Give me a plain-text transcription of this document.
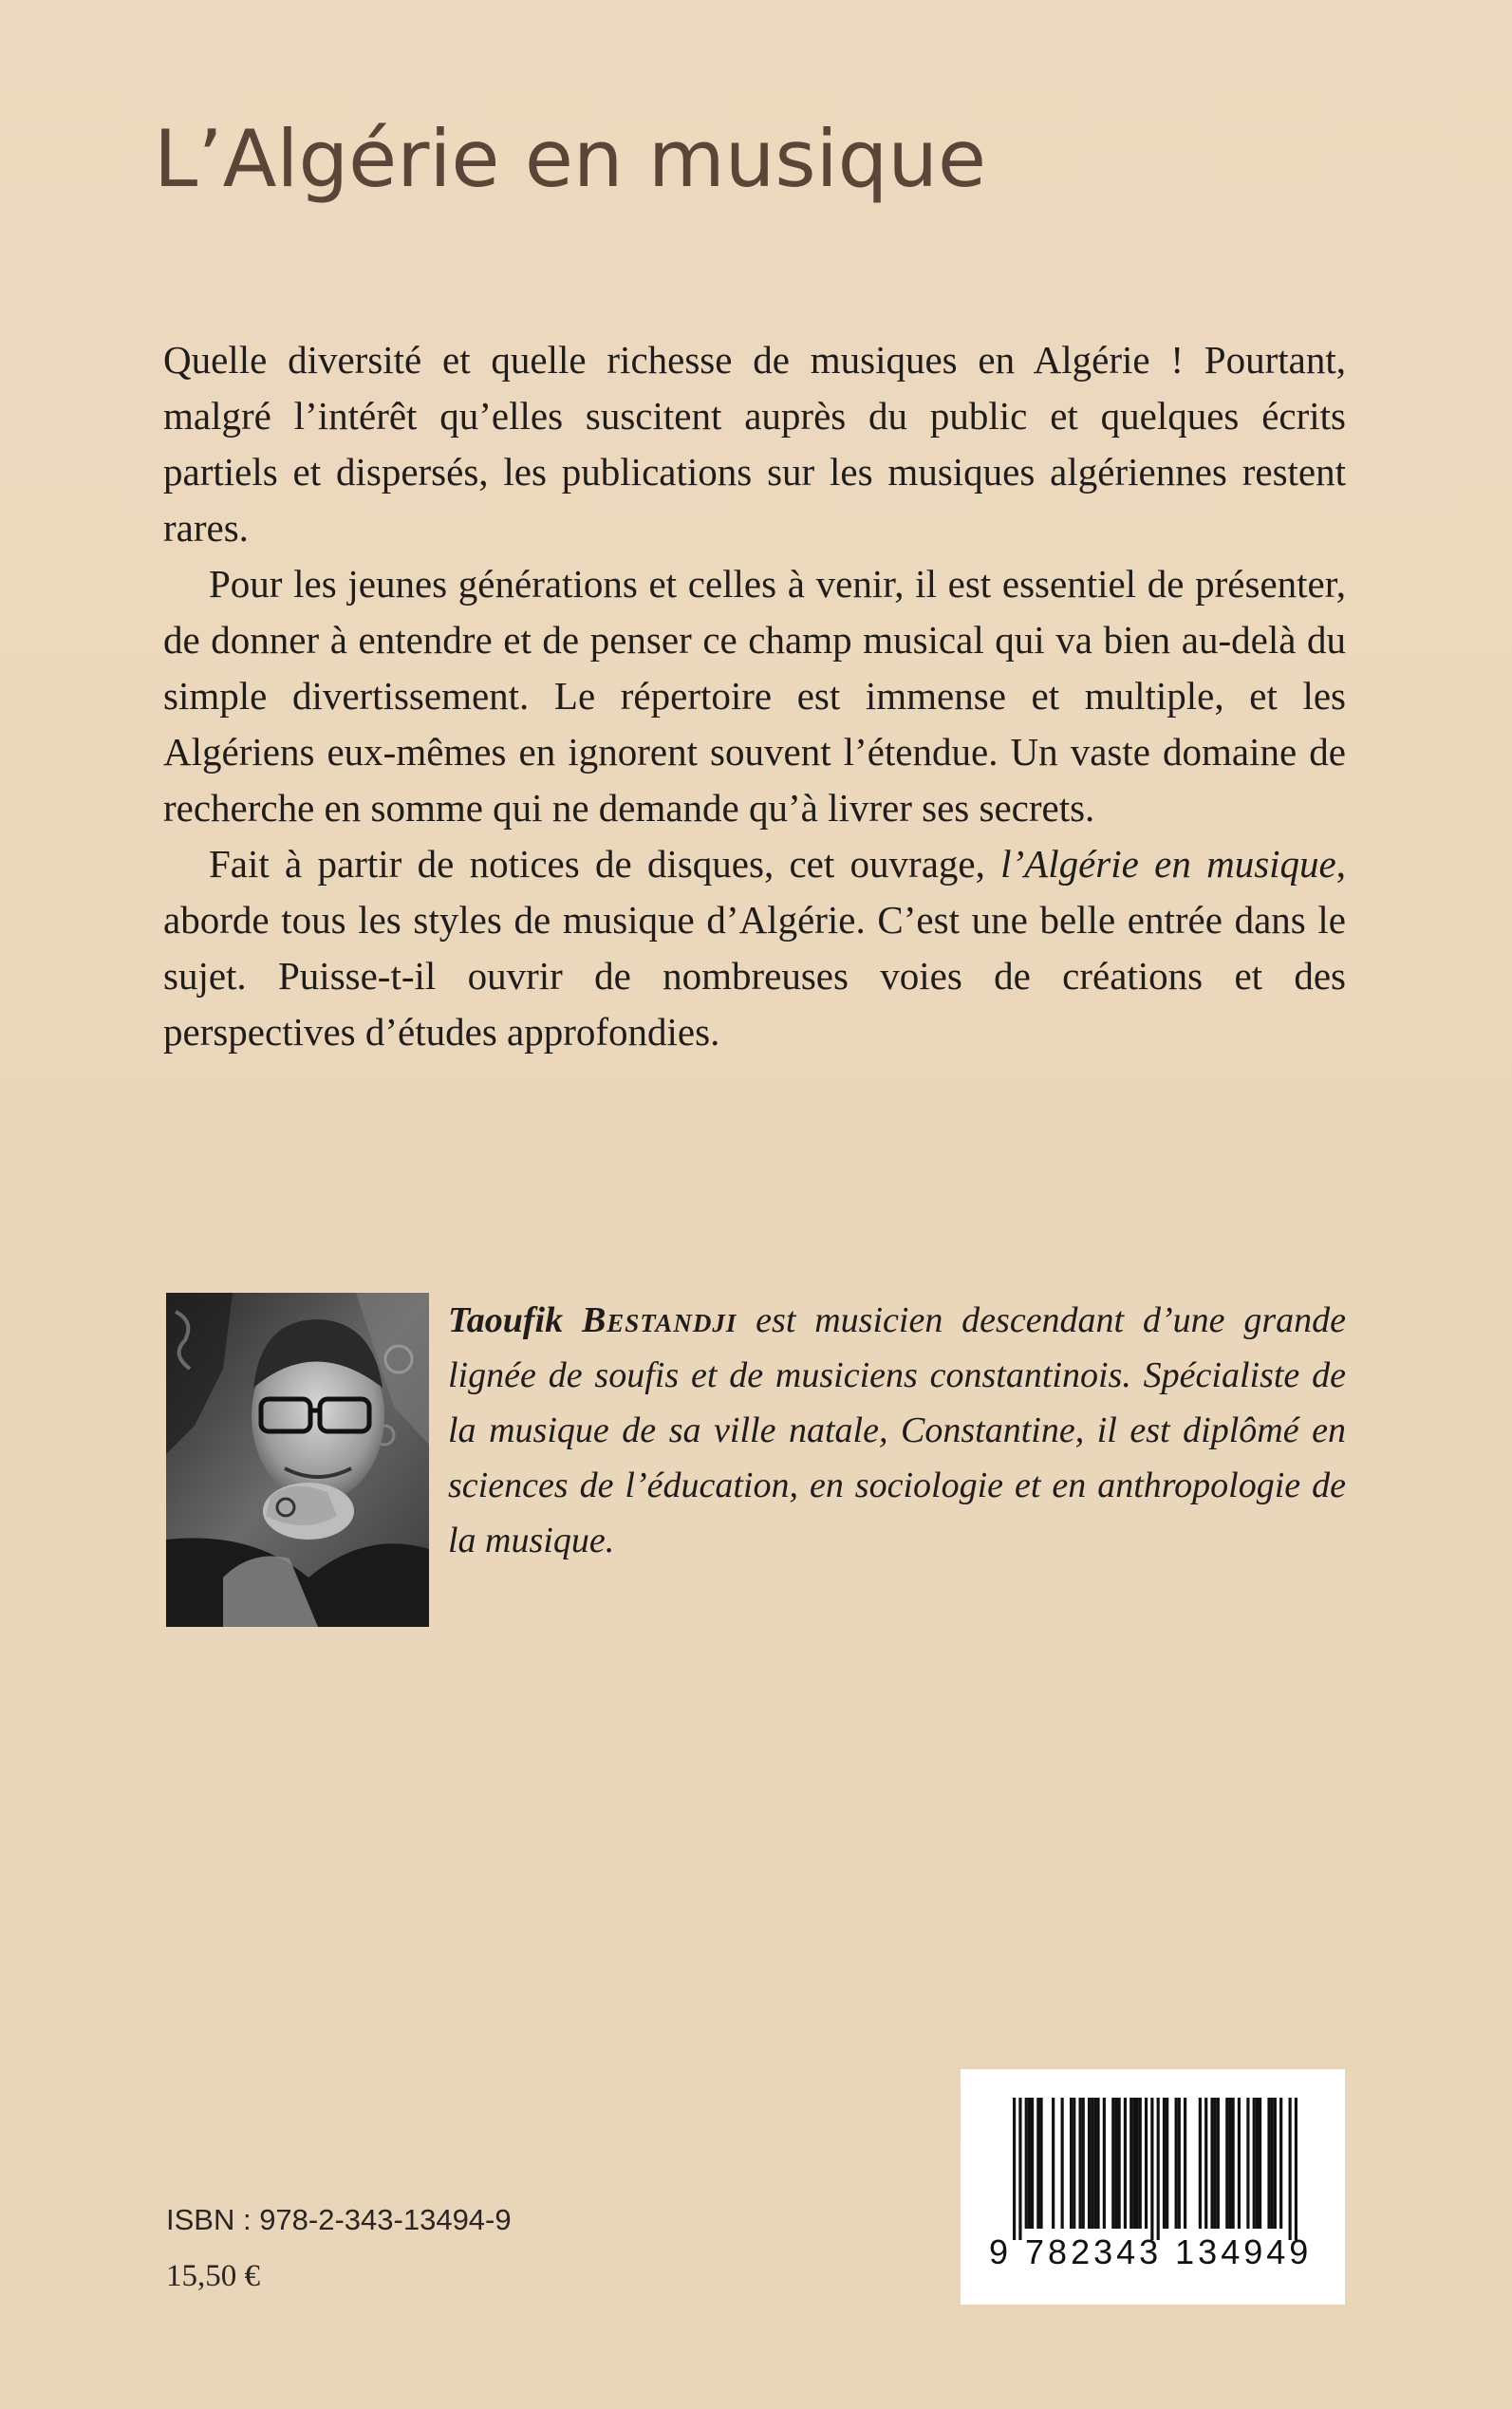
L’Algérie en musique

Quelle diversité et quelle richesse de musiques en Algérie ! Pourtant, malgré l’intérêt qu’elles suscitent auprès du public et quelques écrits partiels et dispersés, les publications sur les musiques algériennes restent rares.

Pour les jeunes générations et celles à venir, il est essentiel de présenter, de donner à entendre et de penser ce champ musical qui va bien au-delà du simple divertissement. Le répertoire est immense et multiple, et les Algériens eux-mêmes en ignorent souvent l’étendue. Un vaste domaine de recherche en somme qui ne demande qu’à livrer ses secrets.

Fait à partir de notices de disques, cet ouvrage, l’Algérie en musique, aborde tous les styles de musique d’Algérie. C’est une belle entrée dans le sujet. Puisse-t-il ouvrir de nombreuses voies de créations et des perspectives d’études approfondies.

Taoufik Bestandji est musicien descendant d’une grande lignée de soufis et de musiciens constantinois. Spécialiste de la musique de sa ville natale, Constantine, il est diplômé en sciences de l’éducation, en sociologie et en anthropologie de la musique.
ISBN : 978-2-343-13494-9
15,50 €
9 782343 134949
